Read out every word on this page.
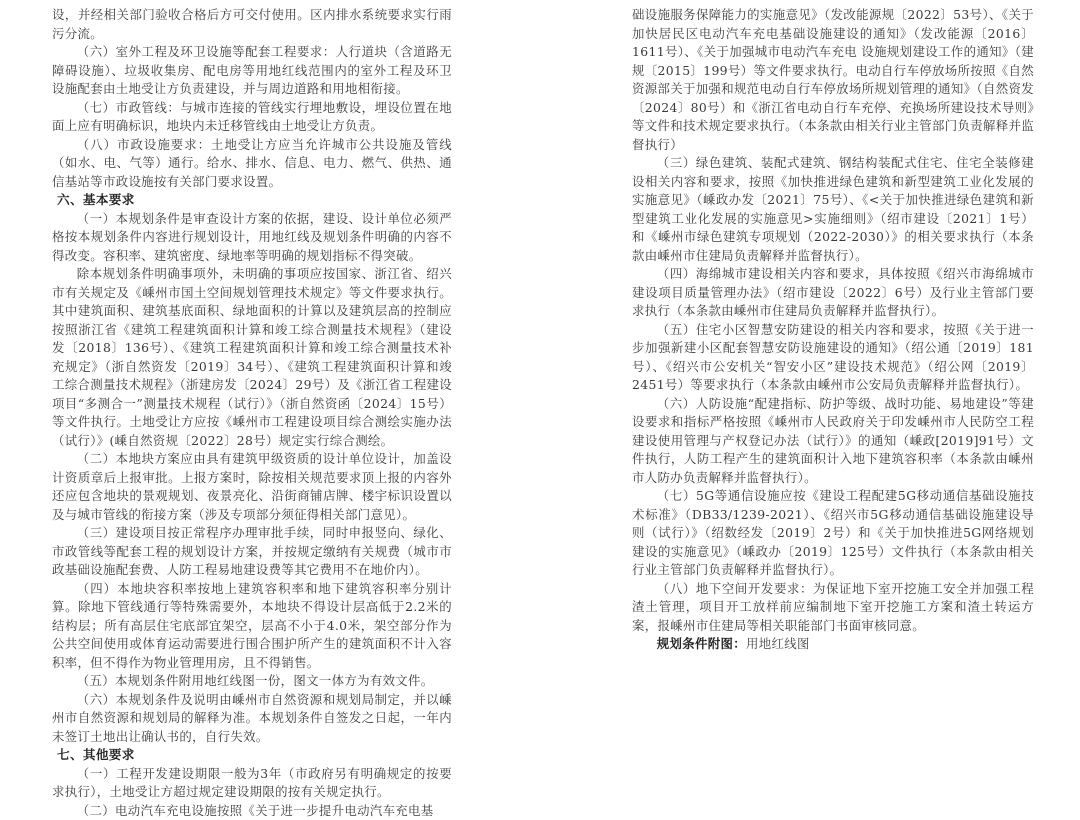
设，并经相关部门验收合格后方可交付使用。区内排水系统要求实行雨污分流。

（六）室外工程及环卫设施等配套工程要求：人行道块（含道路无障碍设施）、垃圾收集房、配电房等用地红线范围内的室外工程及环卫设施配套由土地受让方负责建设，并与周边道路和用地相衔接。

（七）市政管线：与城市连接的管线实行埋地敷设，埋设位置在地面上应有明确标识，地块内未迁移管线由土地受让方负责。

（八）市政设施要求：土地受让方应当允许城市公共设施及管线（如水、电、气等）通行。给水、排水、信息、电力、燃气、供热、通信基站等市政设施按有关部门要求设置。

六、基本要求

（一）本规划条件是审查设计方案的依据，建设、设计单位必须严格按本规划条件内容进行规划设计，用地红线及规划条件明确的内容不得改变。容积率、建筑密度、绿地率等明确的规划指标不得突破。

除本规划条件明确事项外，未明确的事项应按国家、浙江省、绍兴市有关规定及《嵊州市国土空间规划管理技术规定》等文件要求执行。其中建筑面积、建筑基底面积、绿地面积的计算以及建筑层高的控制应按照浙江省《建筑工程建筑面积计算和竣工综合测量技术规程》（建设发〔2018〕136号）、《建筑工程建筑面积计算和竣工综合测量技术补充规定》（浙自然资发〔2019〕34号）、《建筑工程建筑面积计算和竣工综合测量技术规程》（浙建房发〔2024〕29号）及《浙江省工程建设项目“多测合一”测量技术规程（试行）》（浙自然资函〔2024〕15号）等文件执行。土地受让方应按《嵊州市工程建设项目综合测绘实施办法（试行）》(嵊自然资规〔2022〕28号）规定实行综合测绘。

（二）本地块方案应由具有建筑甲级资质的设计单位设计，加盖设计资质章后上报审批。上报方案时，除按相关规范要求顶上报的内容外还应包含地块的景观规划、夜景亮化、沿街商铺店牌、楼宇标识设置以及与城市管线的衔接方案（涉及专项部分须征得相关部门意见）。

（三）建设项目按正常程序办理审批手续，同时申报竖向、绿化、市政管线等配套工程的规划设计方案，并按规定缴纳有关规费（城市市政基础设施配套费、人防工程易地建设费等其它费用不在地价内）。

（四）本地块容积率按地上建筑容积率和地下建筑容积率分别计算。除地下管线通行等特殊需要外，本地块不得设计层高低于2.2米的结构层；所有高层住宅底部宜架空，层高不小于4.0米，架空部分作为公共空间使用或体育运动需要进行围合围护所产生的建筑面积不计入容积率，但不得作为物业管理用房，且不得销售。

（五）本规划条件附用地红线图一份，图文一体方为有效文件。

（六）本规划条件及说明由嵊州市自然资源和规划局制定，并以嵊州市自然资源和规划局的解释为准。本规划条件自签发之日起，一年内未签订土地出让确认书的，自行失效。

七、其他要求

（一）工程开发建设期限一般为3年（市政府另有明确规定的按要求执行），土地受让方超过规定建设期限的按有关规定执行。

（二）电动汽车充电设施按照《关于进一步提升电动汽车充电基

础设施服务保障能力的实施意见》（发改能源规〔2022〕53号）、《关于加快居民区电动汽车充电基础设施建设的通知》（发改能源〔2016〕1611号）、《关于加强城市电动汽车充电 设施规划建设工作的通知》（建规〔2015〕199号）等文件要求执行。电动自行车停放场所按照《自然资源部关于加强和规范电动自行车停放场所规划管理的通知》（自然资发〔2024〕80号）和《浙江省电动自行车充停、充换场所建设技术导则》等文件和技术规定要求执行。（本条款由相关行业主管部门负责解释并监督执行）

（三）绿色建筑、装配式建筑、钢结构装配式住宅、住宅全装修建设相关内容和要求，按照《加快推进绿色建筑和新型建筑工业化发展的实施意见》（嵊政办发〔2021〕75号）、《<关于加快推进绿色建筑和新型建筑工业化发展的实施意见>实施细则》（绍市建设〔2021〕1号）和《嵊州市绿色建筑专项规划（2022-2030）》的相关要求执行（本条款由嵊州市住建局负责解释并监督执行）。

（四）海绵城市建设相关内容和要求，具体按照《绍兴市海绵城市建设项目质量管理办法》（绍市建设〔2022〕6号）及行业主管部门要求执行（本条款由嵊州市住建局负责解释并监督执行）。

（五）住宅小区智慧安防建设的相关内容和要求，按照《关于进一步加强新建小区配套智慧安防设施建设的通知》（绍公通〔2019〕181号）、《绍兴市公安机关“智安小区”建设技术规范》（绍公网〔2019〕2451号）等要求执行（本条款由嵊州市公安局负责解释并监督执行）。

（六）人防设施“配建指标、防护等级、战时功能、易地建设”等建设要求和指标严格按照《嵊州市人民政府关于印发嵊州市人民防空工程建设使用管理与产权登记办法（试行）》的通知（嵊政[2019]91号）文件执行，人防工程产生的建筑面积计入地下建筑容积率（本条款由嵊州市人防办负责解释并监督执行）。

（七）5G等通信设施应按《建设工程配建5G移动通信基础设施技术标准》（DB33/1239-2021）、《绍兴市5G移动通信基础设施建设导则（试行）》（绍数经发〔2019〕2号）和《关于加快推进5G网络规划建设的实施意见》（嵊政办〔2019〕125号）文件执行（本条款由相关行业主管部门负责解释并监督执行）。

（八）地下空间开发要求：为保证地下室开挖施工安全并加强工程渣土管理，项目开工放样前应编制地下室开挖施工方案和渣土转运方案，报嵊州市住建局等相关职能部门书面审核同意。

规划条件附图：用地红线图
